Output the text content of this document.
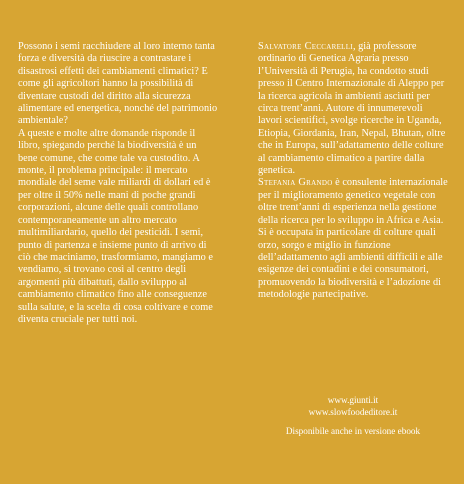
Possono i semi racchiudere al loro interno tanta forza e diversità da riuscire a contrastare i disastrosi effetti dei cambiamenti climatici? E come gli agricoltori hanno la possibilità di diventare custodi del diritto alla sicurezza alimentare ed energetica, nonché del patrimonio ambientale?

A queste e molte altre domande risponde il libro, spiegando perché la biodiversità è un bene comune, che come tale va custodito. A monte, il problema principale: il mercato mondiale del seme vale miliardi di dollari ed è per oltre il 50% nelle mani di poche grandi corporazioni, alcune delle quali controllano contemporaneamente un altro mercato multimiliardario, quello dei pesticidi. I semi, punto di partenza e insieme punto di arrivo di ciò che maciniamo, trasformiamo, mangiamo e vendiamo, si trovano così al centro degli argomenti più dibattuti, dallo sviluppo al cambiamento climatico fino alle conseguenze sulla salute, e la scelta di cosa coltivare e come diventa cruciale per tutti noi.

Salvatore Ceccarelli, già professore ordinario di Genetica Agraria presso l’Università di Perugia, ha condotto studi presso il Centro Internazionale di Aleppo per la ricerca agricola in ambienti asciutti per circa trent’anni. Autore di innumerevoli lavori scientifici, svolge ricerche in Uganda, Etiopia, Giordania, Iran, Nepal, Bhutan, oltre che in Europa, sull’adattamento delle colture al cambiamento climatico a partire dalla genetica.

Stefania Grando è consulente internazionale per il miglioramento genetico vegetale con oltre trent’anni di esperienza nella gestione della ricerca per lo sviluppo in Africa e Asia. Si è occupata in particolare di colture quali orzo, sorgo e miglio in funzione dell’adattamento agli ambienti difficili e alle esigenze dei contadini e dei consumatori, promuovendo la biodiversità e l’adozione di metodologie partecipative.

www.giunti.it
www.slowfoodeditore.it
Disponibile anche in versione ebook
